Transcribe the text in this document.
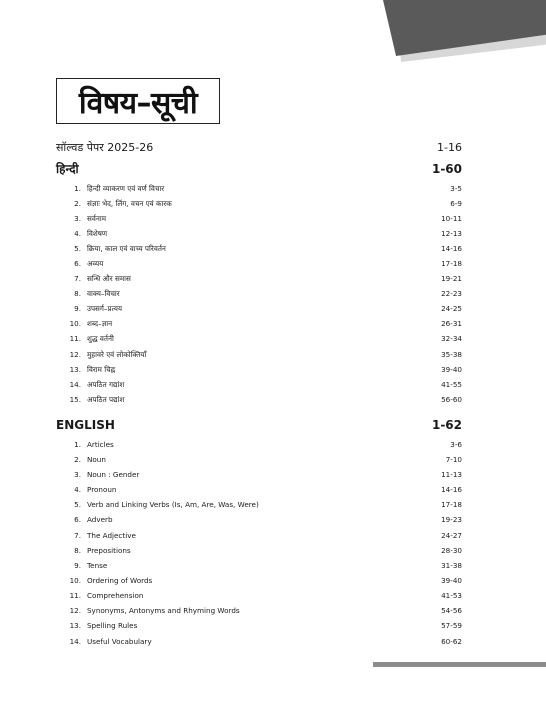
विषय–सूची
सॉल्वड पेपर 2025-26	1-16
हिन्दी	1-60
1. हिन्दी व्याकरण एवं वर्ण विचार	3-5
2. संज्ञाः भेद, लिंग, वचन एवं कारक	6-9
3. सर्वनाम	10-11
4. विशेषण	12-13
5. क्रिया, काल एवं वाच्य परिवर्तन	14-16
6. अव्यय	17-18
7. सन्धि और समास	19-21
8. वाक्य–विचार	22-23
9. उपसर्ग–प्रत्यय	24-25
10. शब्द–ज्ञान	26-31
11. शुद्ध वर्तनी	32-34
12. मुहावरे एवं लोकोक्तियाँ	35-38
13. विराम चिह्न	39-40
14. अपठित गद्यांश	41-55
15. अपठित पद्यांश	56-60
ENGLISH	1-62
1. Articles	3-6
2. Noun	7-10
3. Noun : Gender	11-13
4. Pronoun	14-16
5. Verb and Linking Verbs (Is, Am, Are, Was, Were)	17-18
6. Adverb	19-23
7. The Adjective	24-27
8. Prepositions	28-30
9. Tense	31-38
10. Ordering of Words	39-40
11. Comprehension	41-53
12. Synonyms, Antonyms and Rhyming Words	54-56
13. Spelling Rules	57-59
14. Useful Vocabulary	60-62
